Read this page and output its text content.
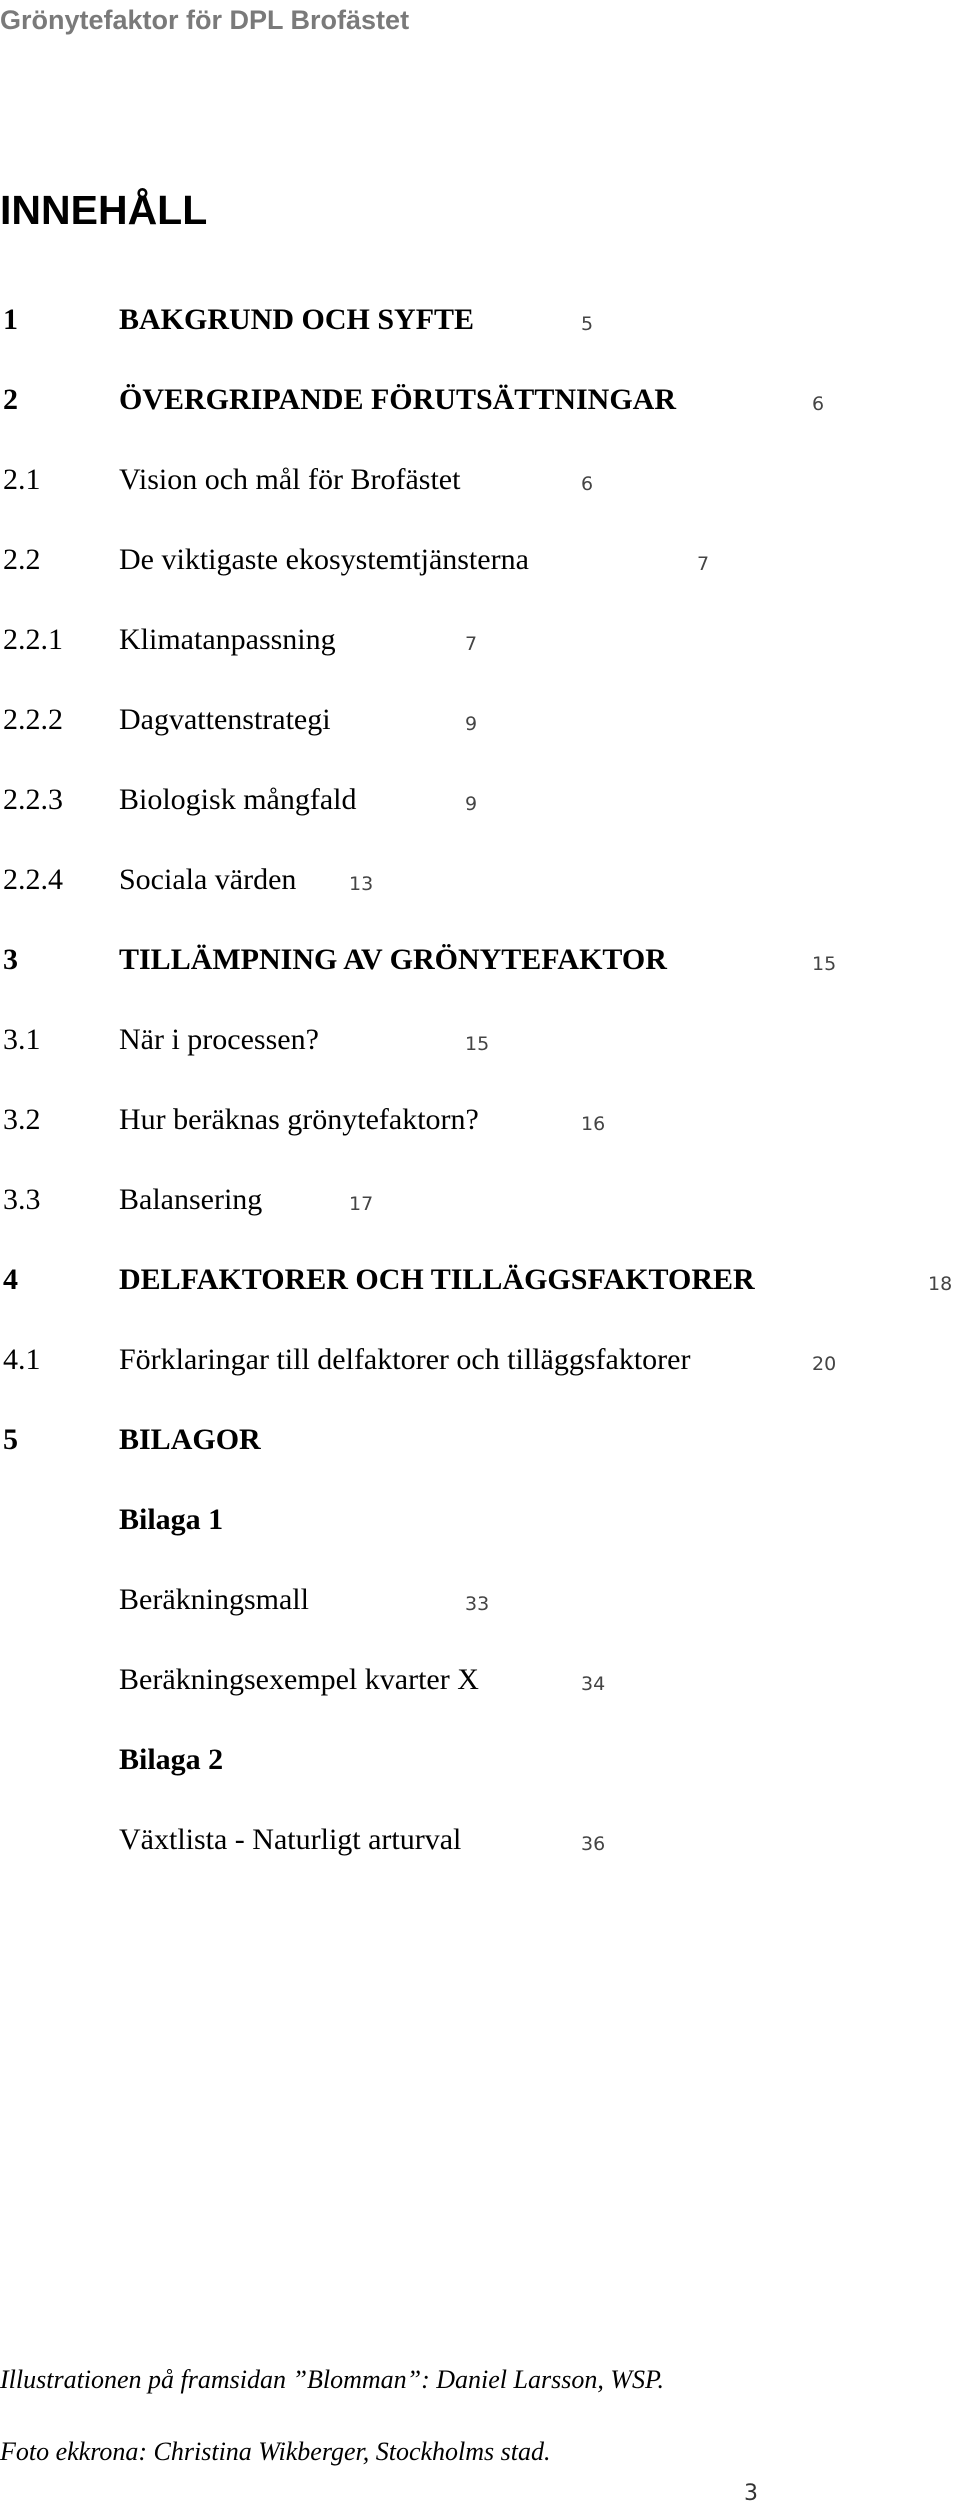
Grönytefaktor för DPL Brofästet
INNEHÅLL
1	BAKGRUND OCH SYFTE	5
2	ÖVERGRIPANDE FÖRUTSÄTTNINGAR	6
2.1	Vision och mål för Brofästet	6
2.2	De viktigaste ekosystemtjänsterna	7
2.2.1 Klimatanpassning	7
2.2.2 Dagvattenstrategi	9
2.2.3 Biologisk mångfald	9
2.2.4 Sociala värden	13
3	TILLÄMPNING AV GRÖNYTEFAKTOR	15
3.1	När i processen?	15
3.2	Hur beräknas grönytefaktorn?	16
3.3	Balansering	17
4	DELFAKTORER OCH TILLÄGGSFAKTORER	18
4.1	Förklaringar till delfaktorer och tilläggsfaktorer	20
5	BILAGOR
Bilaga 1
Beräkningsmall	33
Beräkningsexempel kvarter X	34
Bilaga 2
Växtlista - Naturligt arturval	36
Illustrationen på framsidan ”Blomman”: Daniel Larsson, WSP.
Foto ekkrona: Christina Wikberger, Stockholms stad.
3
